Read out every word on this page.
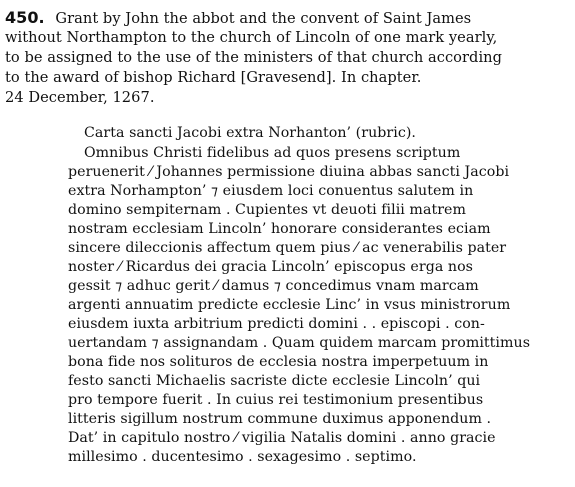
450. Grant by John the abbot and the convent of Saint James
without Northampton to the church of Lincoln of one mark yearly,
to be assigned to the use of the ministers of that church according
to the award of bishop Richard [Gravesend]. In chapter.
24 December, 1267.
Carta sancti Jacobi extra Norhanton’ (rubric).
Omnibus Christi fidelibus ad quos presens scriptum
peruenerit ⁄ Johannes permissione diuina abbas sancti Jacobi
extra Norhampton’ ⁊ eiusdem loci conuentus salutem in
domino sempiternam . Cupientes vt deuoti filii matrem
nostram ecclesiam Lincoln’ honorare considerantes eciam
sincere dileccionis affectum quem pius ⁄ ac venerabilis pater
noster ⁄ Ricardus dei gracia Lincoln’ episcopus erga nos
gessit ⁊ adhuc gerit ⁄ damus ⁊ concedimus vnam marcam
argenti annuatim predicte ecclesie Linc’ in vsus ministrorum
eiusdem iuxta arbitrium predicti domini . . episcopi . con-
uertandam ⁊ assignandam . Quam quidem marcam promittimus
bona fide nos solituros de ecclesia nostra imperpetuum in
festo sancti Michaelis sacriste dicte ecclesie Lincoln’ qui
pro tempore fuerit . In cuius rei testimonium presentibus
litteris sigillum nostrum commune duximus apponendum .
Dat’ in capitulo nostro ⁄ vigilia Natalis domini . anno gracie
millesimo . ducentesimo . sexagesimo . septimo.
